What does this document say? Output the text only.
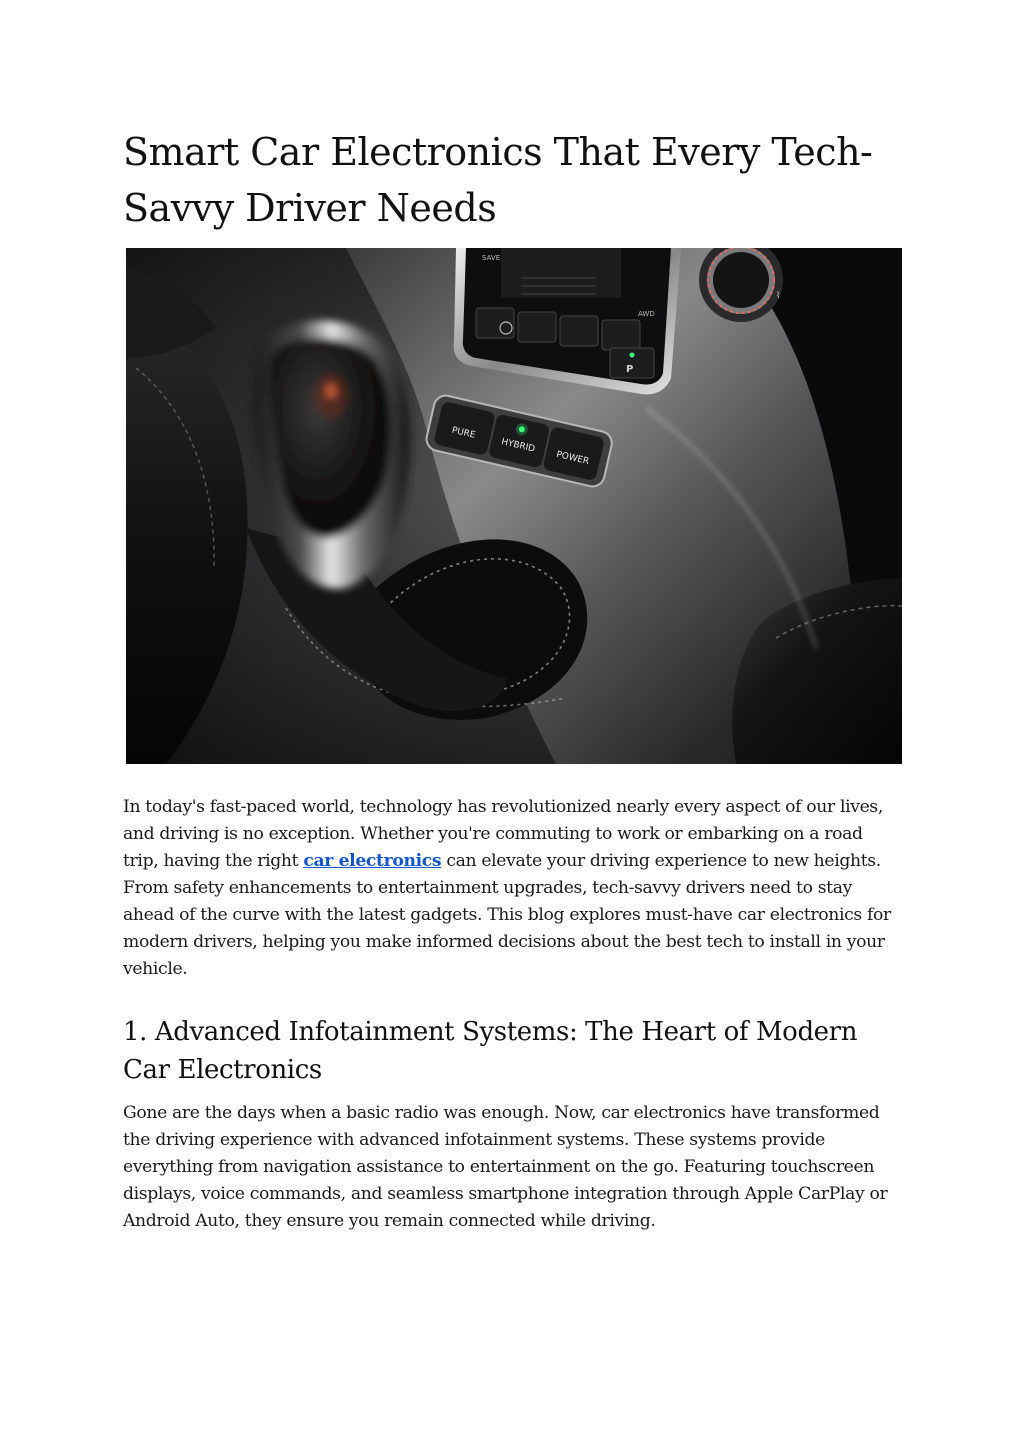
Smart Car Electronics That Every Tech-Savvy Driver Needs
P
SAVE
AWD
⌇
PURE
HYBRID
POWER

In today's fast-paced world, technology has revolutionized nearly every aspect of our lives, and driving is no exception. Whether you're commuting to work or embarking on a road trip, having the right car electronics can elevate your driving experience to new heights. From safety enhancements to entertainment upgrades, tech-savvy drivers need to stay ahead of the curve with the latest gadgets. This blog explores must-have car electronics for modern drivers, helping you make informed decisions about the best tech to install in your vehicle.

1. Advanced Infotainment Systems: The Heart of Modern Car Electronics

Gone are the days when a basic radio was enough. Now, car electronics have transformed the driving experience with advanced infotainment systems. These systems provide everything from navigation assistance to entertainment on the go. Featuring touchscreen displays, voice commands, and seamless smartphone integration through Apple CarPlay or Android Auto, they ensure you remain connected while driving.
